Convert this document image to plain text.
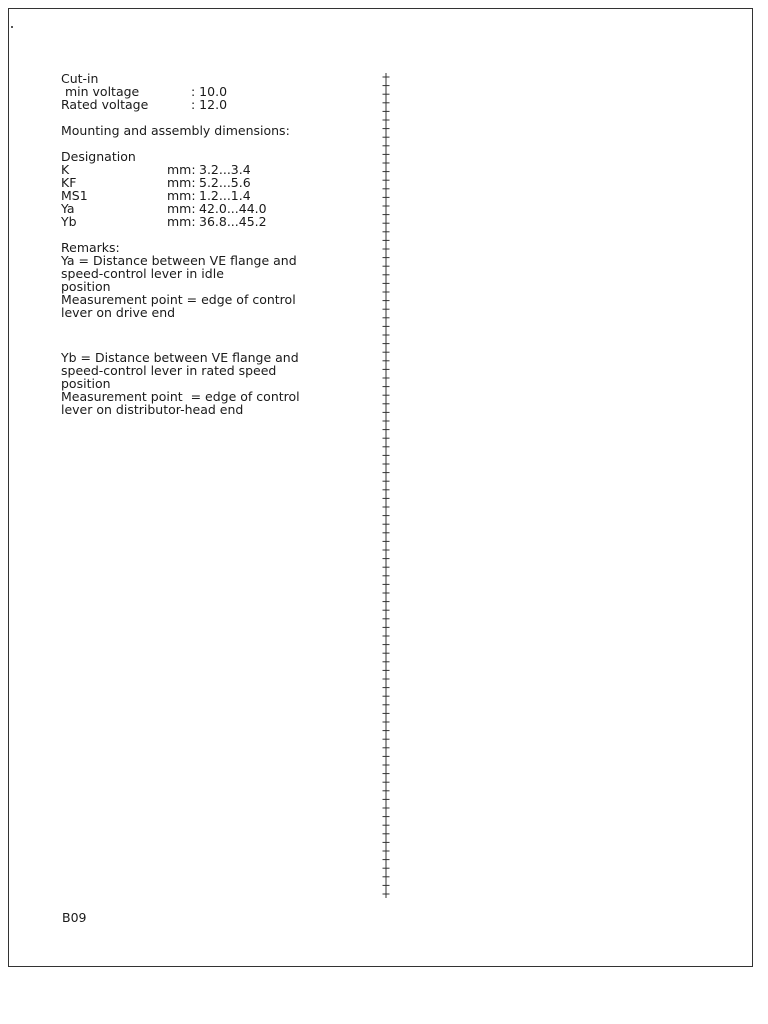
Cut-in
min voltage	: 10.0
Rated voltage	: 12.0
Mounting and assembly dimensions:
Designation
K	mm: 3.2...3.4
KF	mm: 5.2...5.6
MS1	mm: 1.2...1.4
Ya	mm: 42.0...44.0
Yb	mm: 36.8...45.2
Remarks:
Ya = Distance between VE flange and
speed-control lever in idle
position
Measurement point = edge of control
lever on drive end
Yb = Distance between VE flange and
speed-control lever in rated speed
position
Measurement point  = edge of control
lever on distributor-head end
B09
